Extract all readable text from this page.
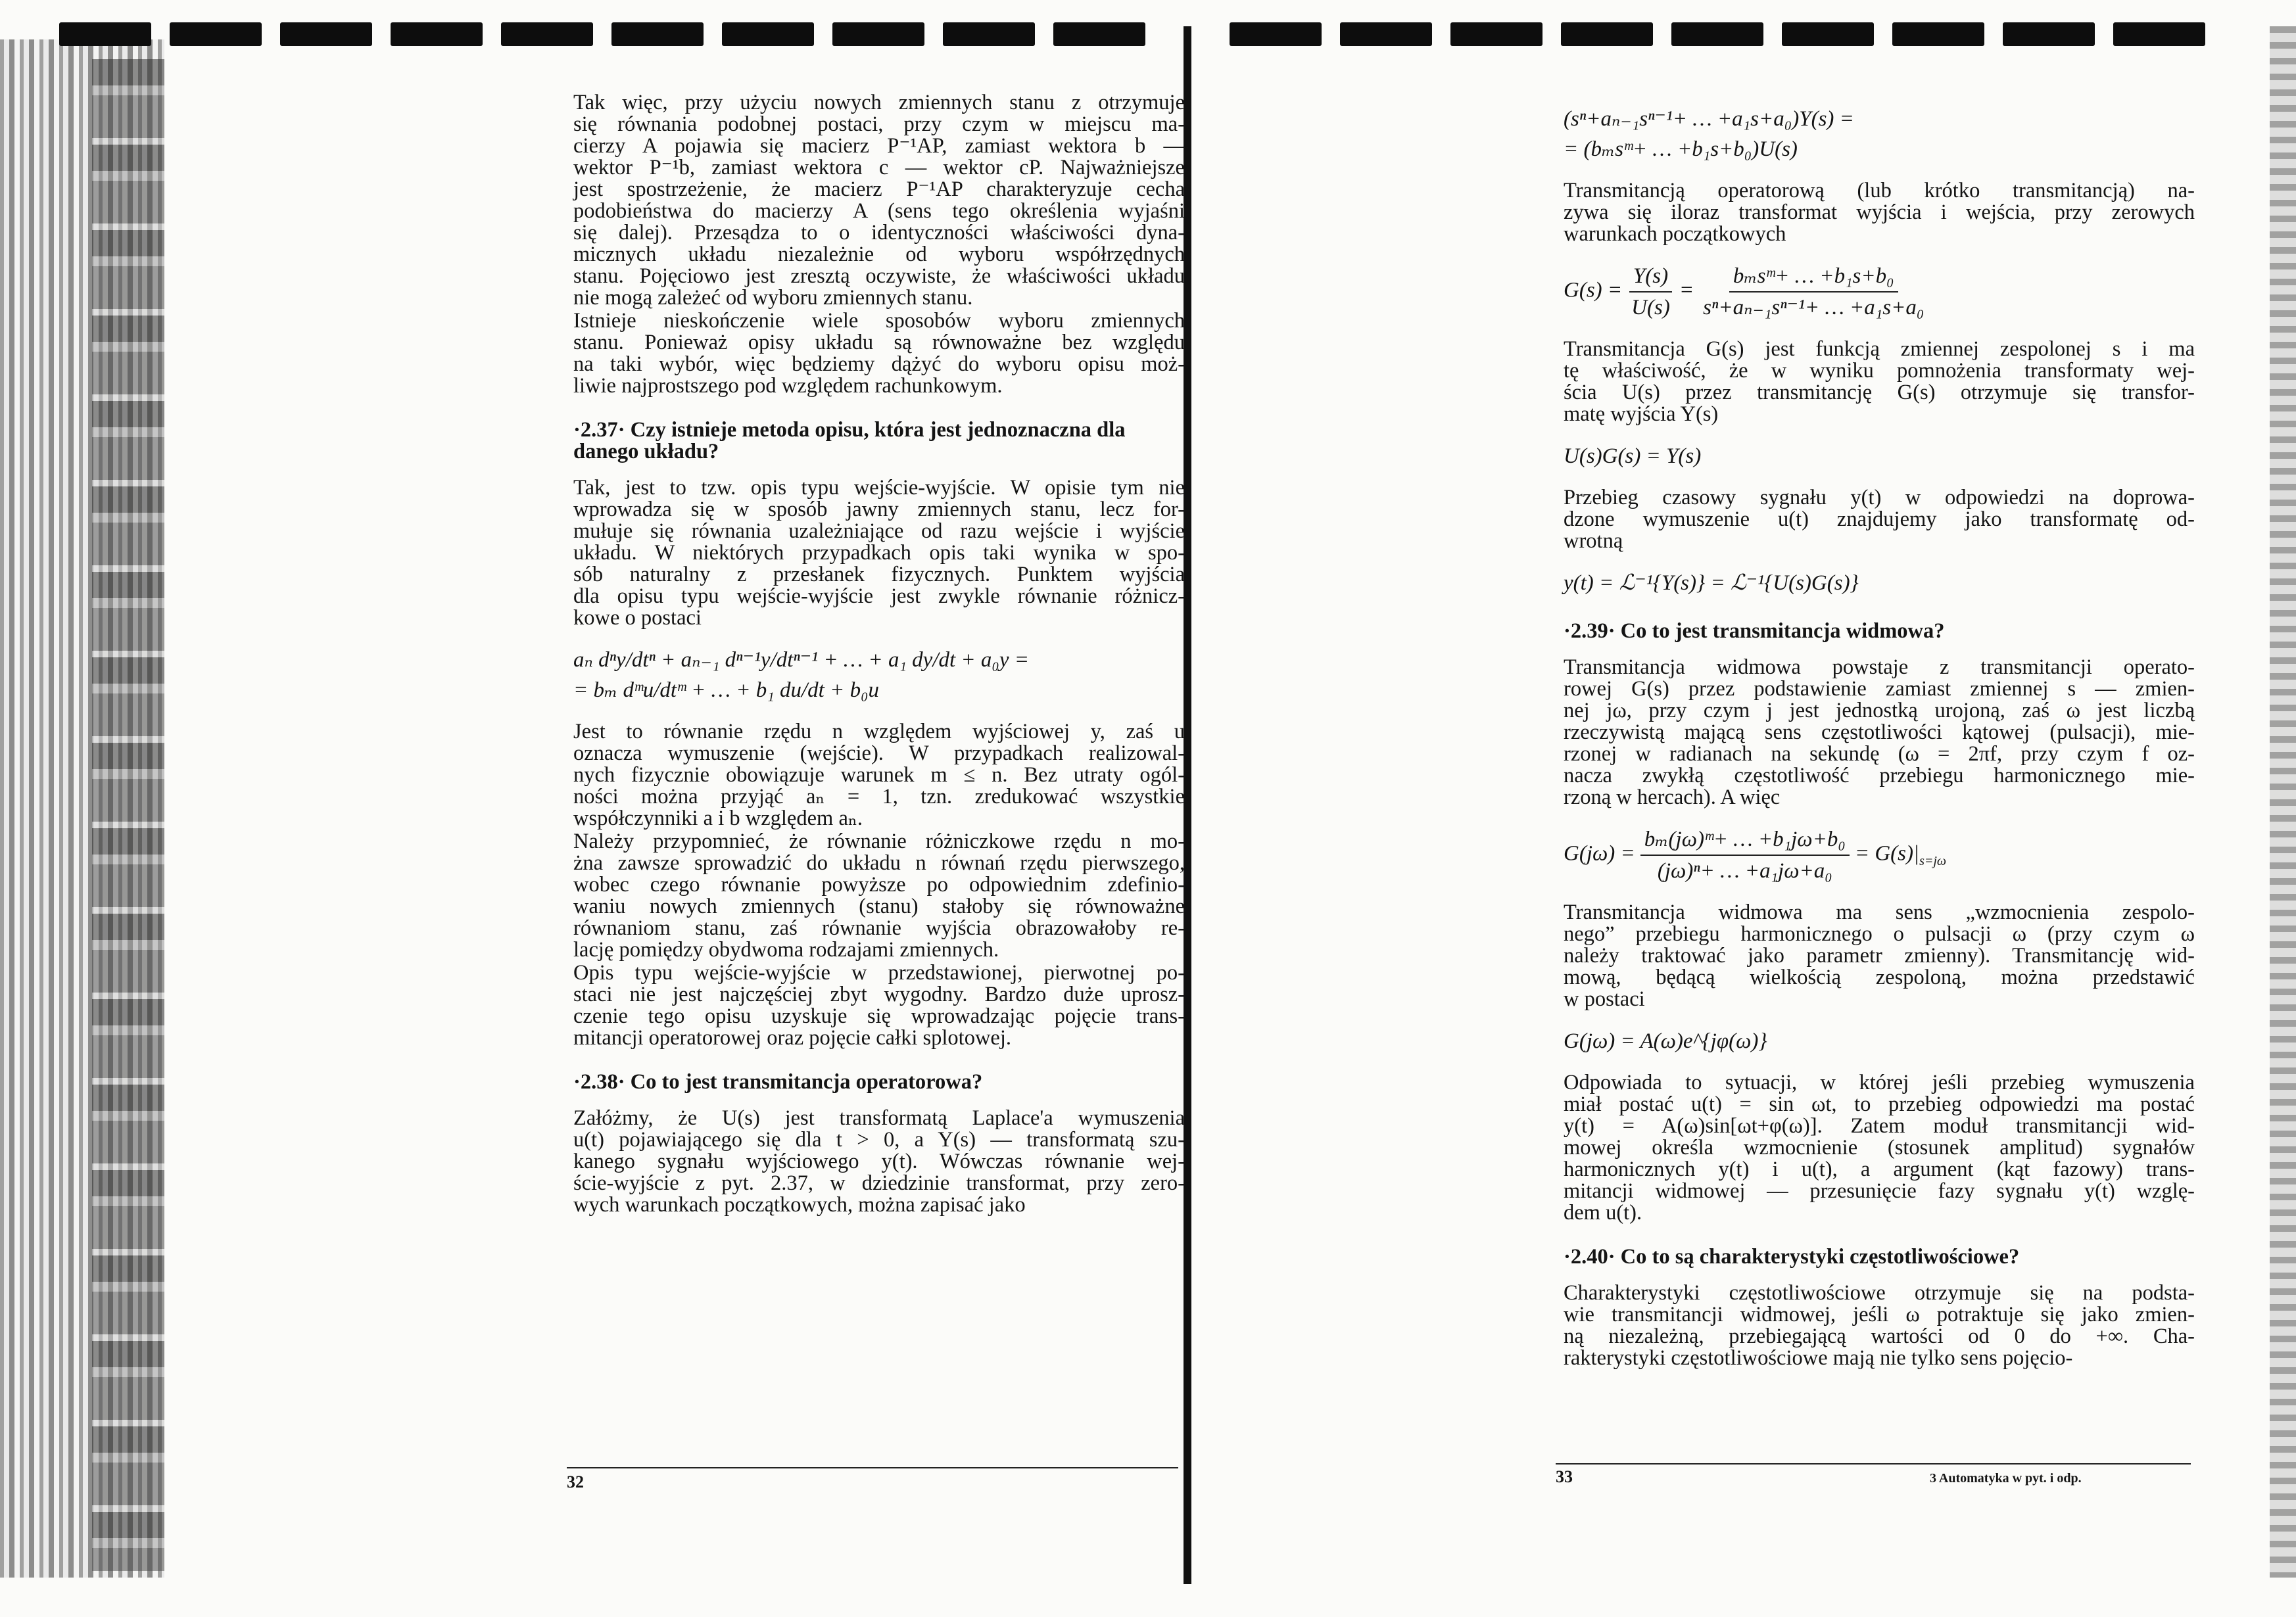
Tak więc, przy użyciu nowych zmiennych stanu z otrzymuje
się równania podobnej postaci, przy czym w miejscu ma-
cierzy A pojawia się macierz P⁻¹AP, zamiast wektora b —
wektor P⁻¹b, zamiast wektora c — wektor cP. Najważniejsze
jest spostrzeżenie, że macierz P⁻¹AP charakteryzuje cecha
podobieństwa do macierzy A (sens tego określenia wyjaśni
się dalej). Przesądza to o identyczności właściwości dyna-
micznych układu niezależnie od wyboru współrzędnych
stanu. Pojęciowo jest zresztą oczywiste, że właściwości układu
nie mogą zależeć od wyboru zmiennych stanu.
Istnieje nieskończenie wiele sposobów wyboru zmiennych
stanu. Ponieważ opisy układu są równoważne bez względu
na taki wybór, więc będziemy dążyć do wyboru opisu moż-
liwie najprostszego pod względem rachunkowym.
·2.37· Czy istnieje metoda opisu, która jest jednoznaczna dla
danego układu?
Tak, jest to tzw. opis typu wejście-wyjście. W opisie tym nie
wprowadza się w sposób jawny zmiennych stanu, lecz for-
mułuje się równania uzależniające od razu wejście i wyjście
układu. W niektórych przypadkach opis taki wynika w spo-
sób naturalny z przesłanek fizycznych. Punktem wyjścia
dla opisu typu wejście-wyjście jest zwykle równanie różnicz-
kowe o postaci
aₙ dⁿy/dtⁿ + aₙ₋₁ dⁿ⁻¹y/dtⁿ⁻¹ + … + a₁ dy/dt + a₀y =
= bₘ dᵐu/dtᵐ + … + b₁ du/dt + b₀u
Jest to równanie rzędu n względem wyjściowej y, zaś u
oznacza wymuszenie (wejście). W przypadkach realizowal-
nych fizycznie obowiązuje warunek m ≤ n. Bez utraty ogól-
ności można przyjąć aₙ = 1, tzn. zredukować wszystkie
współczynniki a i b względem aₙ.
Należy przypomnieć, że równanie różniczkowe rzędu n mo-
żna zawsze sprowadzić do układu n równań rzędu pierwszego,
wobec czego równanie powyższe po odpowiednim zdefinio-
waniu nowych zmiennych (stanu) stałoby się równoważne
równaniom stanu, zaś równanie wyjścia obrazowałoby re-
lację pomiędzy obydwoma rodzajami zmiennych.
Opis typu wejście-wyjście w przedstawionej, pierwotnej po-
staci nie jest najczęściej zbyt wygodny. Bardzo duże uprosz-
czenie tego opisu uzyskuje się wprowadzając pojęcie trans-
mitancji operatorowej oraz pojęcie całki splotowej.
·2.38· Co to jest transmitancja operatorowa?
Załóżmy, że U(s) jest transformatą Laplace'a wymuszenia
u(t) pojawiającego się dla t > 0, a Y(s) — transformatą szu-
kanego sygnału wyjściowego y(t). Wówczas równanie wej-
ście-wyjście z pyt. 2.37, w dziedzinie transformat, przy zero-
wych warunkach początkowych, można zapisać jako
32
(sⁿ+aₙ₋₁sⁿ⁻¹+ … +a₁s+a₀)Y(s) =
= (bₘsᵐ+ … +b₁s+b₀)U(s)
Transmitancją operatorową (lub krótko transmitancją) na-
zywa się iloraz transformat wyjścia i wejścia, przy zerowych
warunkach początkowych
$G(s) = \frac{Y(s)}{U(s)} = \frac{\text{bₘsᵐ+ … +b₁s+b₀}}{\text{sⁿ+aₙ₋₁sⁿ⁻¹+ … +a₁s+a₀}}$
Transmitancja G(s) jest funkcją zmiennej zespolonej s i ma
tę właściwość, że w wyniku pomnożenia transformaty wej-
ścia U(s) przez transmitancję G(s) otrzymuje się transfor-
matę wyjścia Y(s)
U(s)G(s) = Y(s)
Przebieg czasowy sygnału y(t) w odpowiedzi na doprowa-
dzone wymuszenie u(t) znajdujemy jako transformatę od-
wrotną
y(t) = ℒ⁻¹{Y(s)} = ℒ⁻¹{U(s)G(s)}
·2.39· Co to jest transmitancja widmowa?
Transmitancja widmowa powstaje z transmitancji operato-
rowej G(s) przez podstawienie zamiast zmiennej s — zmien-
nej jω, przy czym j jest jednostką urojoną, zaś ω jest liczbą
rzeczywistą mającą sens częstotliwości kątowej (pulsacji), mie-
rzonej w radianach na sekundę (ω = 2πf, przy czym f oz-
nacza zwykłą częstotliwość przebiegu harmonicznego mie-
rzoną w hercach). A więc
$G(j\omega) = \frac{\text{bₘ(jω)ᵐ+ … +b₁jω+b₀}}{\text{(jω)ⁿ+ … +a₁jω+a₀}} = G(s)|_{s=j\omega}$
Transmitancja widmowa ma sens „wzmocnienia zespolo-
nego” przebiegu harmonicznego o pulsacji ω (przy czym ω
należy traktować jako parametr zmienny). Transmitancję wid-
mową, będącą wielkością zespoloną, można przedstawić
w postaci
G(jω) = A(ω)e^{jφ(ω)}
Odpowiada to sytuacji, w której jeśli przebieg wymuszenia
miał postać u(t) = sin ωt, to przebieg odpowiedzi ma postać
y(t) = A(ω)sin[ωt+φ(ω)]. Zatem moduł transmitancji wid-
mowej określa wzmocnienie (stosunek amplitud) sygnałów
harmonicznych y(t) i u(t), a argument (kąt fazowy) trans-
mitancji widmowej — przesunięcie fazy sygnału y(t) wzglę-
dem u(t).
·2.40· Co to są charakterystyki częstotliwościowe?
Charakterystyki częstotliwościowe otrzymuje się na podsta-
wie transmitancji widmowej, jeśli ω potraktuje się jako zmien-
ną niezależną, przebiegającą wartości od 0 do +∞. Cha-
rakterystyki częstotliwościowe mają nie tylko sens pojęcio-
33	3 Automatyka w pyt. i odp.
